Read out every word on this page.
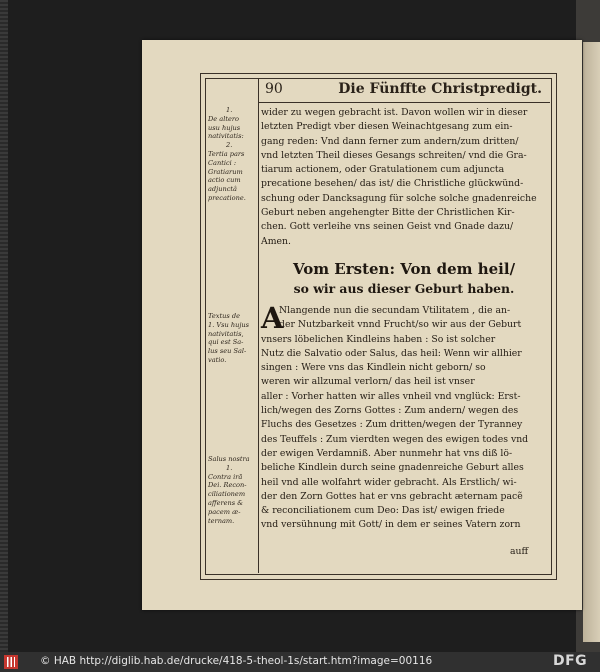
90	Die Fünffte Christpredigt.
1.
De altero
usu hujus
nativitatis:
2.
Tertia pars
Cantici :
Gratiarum
actio cum
adjunctâ
precatione.
Textus de
1. Vsu hujus
nativitatis,
qui est Sa-
lus seu Sal-
vatio.
Salus nostra
1.
Contra irã
Dei. Recon-
ciliationem
afferens &
pacem æ-
ternam.
wider zu wegen gebracht ist. Davon wollen wir in dieser
letzten Predigt vber diesen Weinachtgesang zum ein-
gang reden: Vnd dann ferner zum andern/zum dritten/
vnd letzten Theil dieses Gesangs schreiten/ vnd die Gra-
tiarum actionem, oder Gratulationem cum adjuncta
precatione besehen/ das ist/ die Christliche glückwünd-
schung oder Dancksagung für solche solche gnadenreiche
Geburt neben angehengter Bitte der Christlichen Kir-
chen. Gott verleihe vns seinen Geist vnd Gnade dazu/
Amen.
Vom Ersten: Von dem heil/
so wir aus dieser Geburt haben.
A
Nlangende nun die secundam Vtilitatem , die an-
der Nutzbarkeit vnnd Frucht/so wir aus der Geburt
vnsers löbelichen Kindleins haben : So ist solcher
Nutz die Salvatio oder Salus, das heil: Wenn wir allhier
singen : Were vns das Kindlein nicht geborn/ so
weren wir allzumal verlorn/ das heil ist vnser
aller : Vorher hatten wir alles vnheil vnd vnglück: Erst-
lich/wegen des Zorns Gottes : Zum andern/ wegen des
Fluchs des Gesetzes : Zum dritten/wegen der Tyranney
des Teuffels : Zum vierdten wegen des ewigen todes vnd
der ewigen Verdamniß. Aber nunmehr hat vns diß lö-
beliche Kindlein durch seine gnadenreiche Geburt alles
heil vnd alle wolfahrt wider gebracht. Als Erstlich/ wi-
der den Zorn Gottes hat er vns gebracht æternam pacẽ
& reconciliationem cum Deo: Das ist/ ewigen friede
vnd versühnung mit Gott/ in dem er seines Vatern zorn
auff
© HAB http://diglib.hab.de/drucke/418-5-theol-1s/start.htm?image=00116	DFG
